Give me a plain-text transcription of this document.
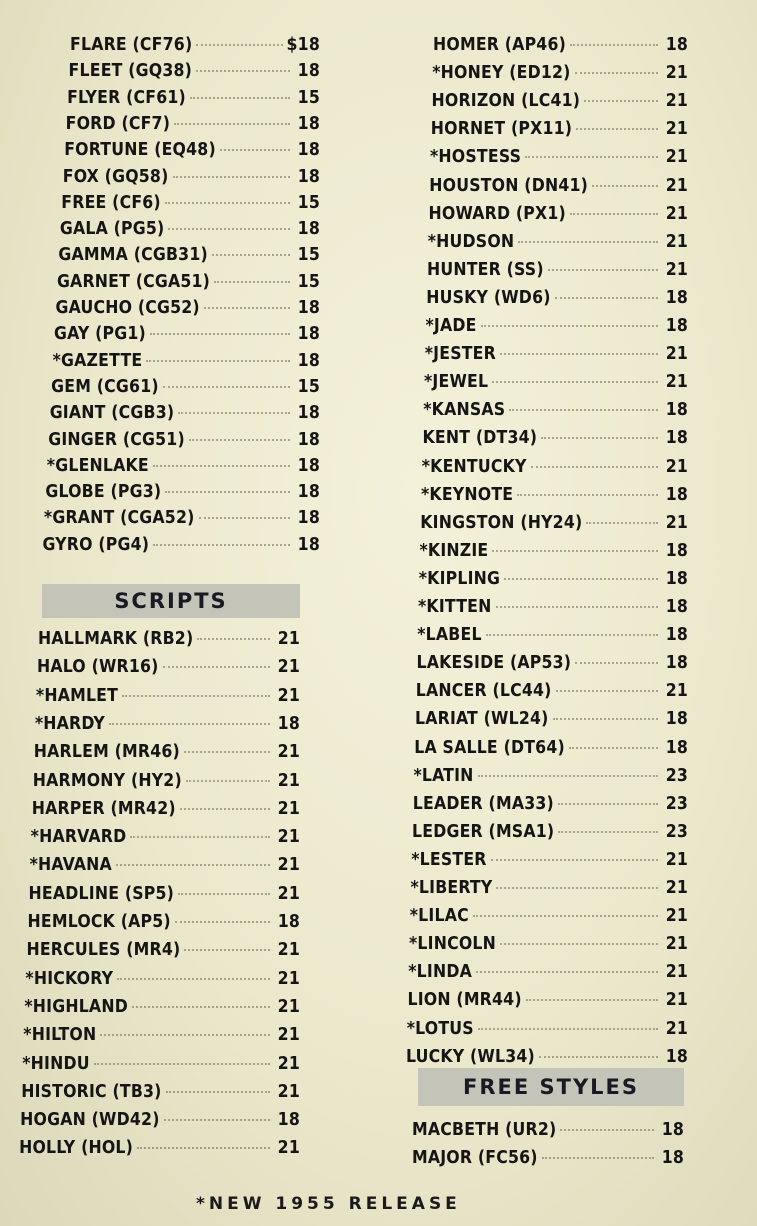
FLARE (CF76)	$18
FLEET (GQ38)	18
FLYER (CF61)	15
FORD (CF7)	18
FORTUNE (EQ48)	18
FOX (GQ58)	18
FREE (CF6)	15
GALA (PG5)	18
GAMMA (CGB31)	15
GARNET (CGA51)	15
GAUCHO (CG52)	18
GAY (PG1)	18
*GAZETTE	18
GEM (CG61)	15
GIANT (CGB3)	18
GINGER (CG51)	18
*GLENLAKE	18
GLOBE (PG3)	18
*GRANT (CGA52)	18
GYRO (PG4)	18
SCRIPTS
HALLMARK (RB2)	21
HALO (WR16)	21
*HAMLET	21
*HARDY	18
HARLEM (MR46)	21
HARMONY (HY2)	21
HARPER (MR42)	21
*HARVARD	21
*HAVANA	21
HEADLINE (SP5)	21
HEMLOCK (AP5)	18
HERCULES (MR4)	21
*HICKORY	21
*HIGHLAND	21
*HILTON	21
*HINDU	21
HISTORIC (TB3)	21
HOGAN (WD42)	18
HOLLY (HOL)	21
HOMER (AP46)	18
*HONEY (ED12)	21
HORIZON (LC41)	21
HORNET (PX11)	21
*HOSTESS	21
HOUSTON (DN41)	21
HOWARD (PX1)	21
*HUDSON	21
HUNTER (SS)	21
HUSKY (WD6)	18
*JADE	18
*JESTER	21
*JEWEL	21
*KANSAS	18
KENT (DT34)	18
*KENTUCKY	21
*KEYNOTE	18
KINGSTON (HY24)	21
*KINZIE	18
*KIPLING	18
*KITTEN	18
*LABEL	18
LAKESIDE (AP53)	18
LANCER (LC44)	21
LARIAT (WL24)	18
LA SALLE (DT64)	18
*LATIN	23
LEADER (MA33)	23
LEDGER (MSA1)	23
*LESTER	21
*LIBERTY	21
*LILAC	21
*LINCOLN	21
*LINDA	21
LION (MR44)	21
*LOTUS	21
LUCKY (WL34)	18
FREE STYLES
MACBETH (UR2)	18
MAJOR (FC56)	18
*NEW 1955 RELEASE
